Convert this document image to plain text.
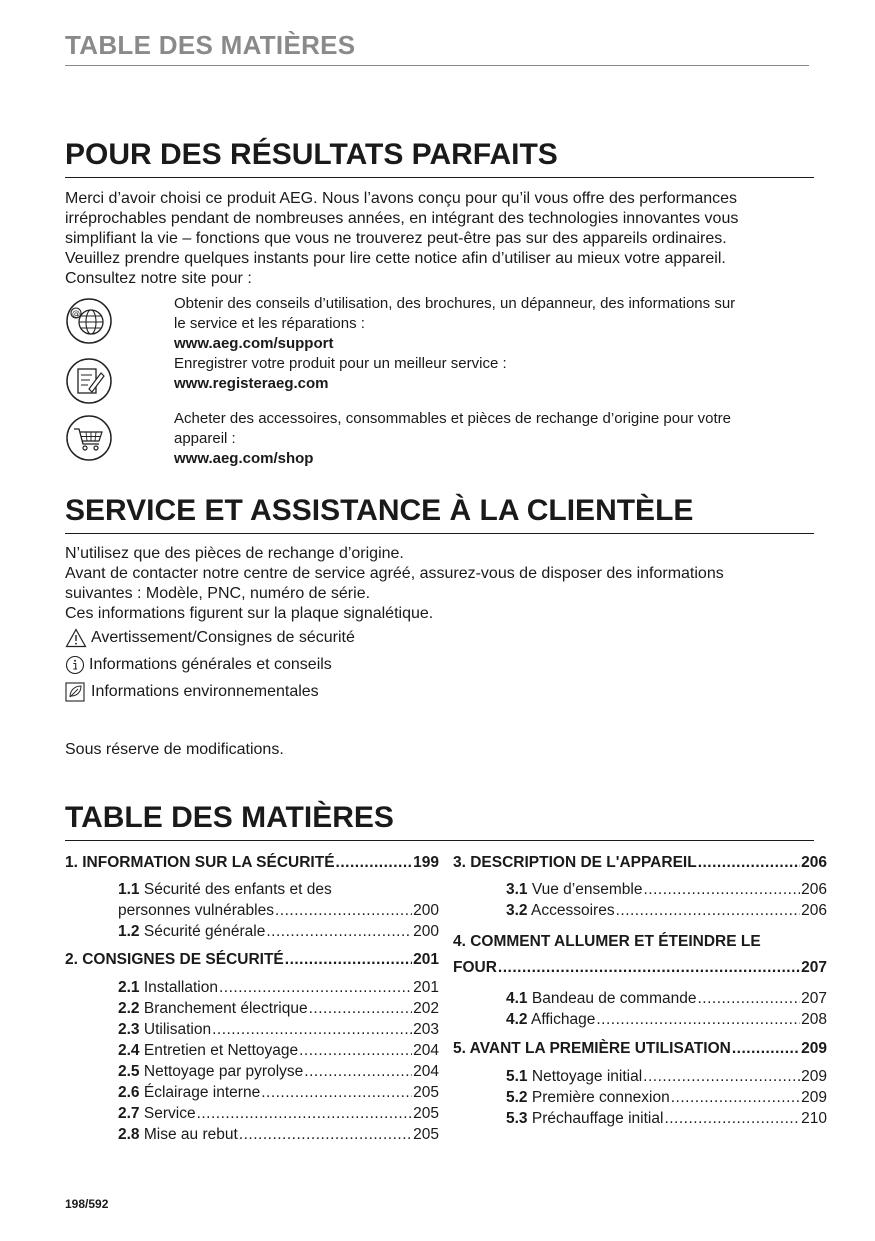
TABLE DES MATIÈRES
POUR DES RÉSULTATS PARFAITS

Merci d’avoir choisi ce produit AEG. Nous l’avons conçu pour qu’il vous offre des performances

irréprochables pendant de nombreuses années, en intégrant des technologies innovantes vous

simplifiant la vie – fonctions que vous ne trouverez peut-être pas sur des appareils ordinaires.

Veuillez prendre quelques instants pour lire cette notice afin d’utiliser au mieux votre appareil.

Consultez notre site pour :

@
Obtenir des conseils d’utilisation, des brochures, un dépanneur, des informations sur
le service et les réparations :
www.aeg.com/support
Enregistrer votre produit pour un meilleur service :
www.registeraeg.com
Acheter des accessoires, consommables et pièces de rechange d’origine pour votre
appareil :
www.aeg.com/shop
SERVICE ET ASSISTANCE À LA CLIENTÈLE

N’utilisez que des pièces de rechange d’origine.

Avant de contacter notre centre de service agréé, assurez-vous de disposer des informations

suivantes : Modèle, PNC, numéro de série.

Ces informations figurent sur la plaque signalétique.

Avertissement/Consignes de sécurité
Informations générales et conseils
Informations environnementales

Sous réserve de modifications.

TABLE DES MATIÈRES
1. INFORMATION SUR LA SÉCURITÉ .....	199
1.1 Sécurité des enfants et des
personnes vulnérables .....	200
1.2 Sécurité générale .....	200
2. CONSIGNES DE SÉCURITÉ .....	201
2.1 Installation .....	201
2.2 Branchement électrique .....	202
2.3 Utilisation .....	203
2.4 Entretien et Nettoyage .....	204
2.5 Nettoyage par pyrolyse .....	204
2.6 Éclairage interne .....	205
2.7 Service .....	205
2.8 Mise au rebut .....	205
3. DESCRIPTION DE L'APPAREIL .....	206
3.1 Vue d’ensemble .....	206
3.2 Accessoires .....	206
4. COMMENT ALLUMER ET ÉTEINDRE LE
FOUR .....	207
4.1 Bandeau de commande .....	207
4.2 Affichage .....	208
5. AVANT LA PREMIÈRE UTILISATION .....	209
5.1 Nettoyage initial .....	209
5.2 Première connexion .....	209
5.3 Préchauffage initial .....	210
198/592
